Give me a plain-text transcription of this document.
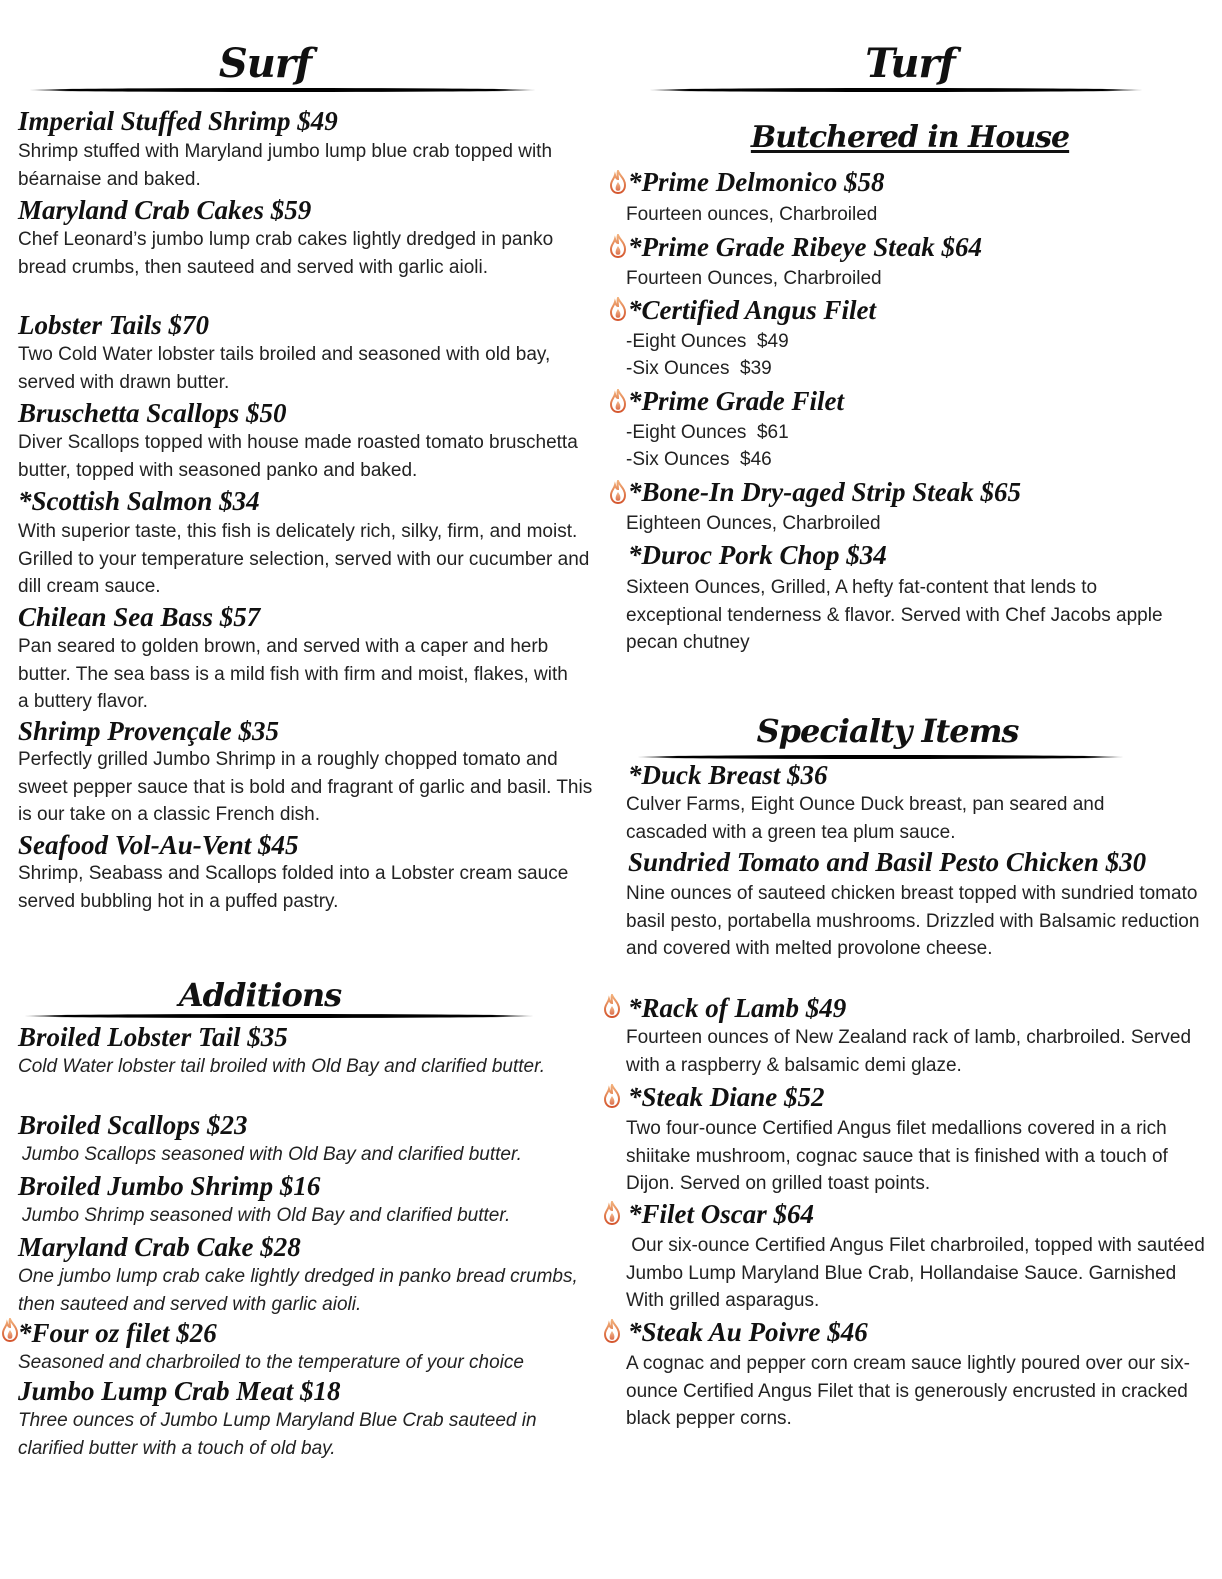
Surf
Imperial Stuffed Shrimp $49
Shrimp stuffed with Maryland jumbo lump blue crab topped with béarnaise and baked.
Maryland Crab Cakes $59
Chef Leonard’s jumbo lump crab cakes lightly dredged in panko bread crumbs, then sauteed and served with garlic aioli.
Lobster Tails $70
Two Cold Water lobster tails broiled and seasoned with old bay, served with drawn butter.
Bruschetta Scallops $50
Diver Scallops topped with house made roasted tomato bruschetta butter, topped with seasoned panko and baked.
*Scottish Salmon $34
With superior taste, this fish is delicately rich, silky, firm, and moist. Grilled to your temperature selection, served with our cucumber and dill cream sauce.
Chilean Sea Bass $57
Pan seared to golden brown, and served with a caper and herb butter. The sea bass is a mild fish with firm and moist, flakes, with a buttery flavor.
Shrimp Provençale $35
Perfectly grilled Jumbo Shrimp in a roughly chopped tomato and sweet pepper sauce that is bold and fragrant of garlic and basil. This is our take on a classic French dish.
Seafood Vol-Au-Vent $45
Shrimp, Seabass and Scallops folded into a Lobster cream sauce served bubbling hot in a puffed pastry.
Additions
Broiled Lobster Tail $35
Cold Water lobster tail broiled with Old Bay and clarified butter.
Broiled Scallops $23
Jumbo Scallops seasoned with Old Bay and clarified butter.
Broiled Jumbo Shrimp $16
Jumbo Shrimp seasoned with Old Bay and clarified butter.
Maryland Crab Cake $28
One jumbo lump crab cake lightly dredged in panko bread crumbs, then sauteed and served with garlic aioli.
*Four oz filet $26
Seasoned and charbroiled to the temperature of your choice
Jumbo Lump Crab Meat $18
Three ounces of Jumbo Lump Maryland Blue Crab sauteed in clarified butter with a touch of old bay.
Turf
Butchered in House
*Prime Delmonico $58
Fourteen ounces, Charbroiled
*Prime Grade Ribeye Steak $64
Fourteen Ounces, Charbroiled
*Certified Angus Filet
-Eight Ounces  $49
-Six Ounces  $39
*Prime Grade Filet
-Eight Ounces  $61
-Six Ounces  $46
*Bone-In Dry-aged Strip Steak $65
Eighteen Ounces, Charbroiled
*Duroc Pork Chop $34
Sixteen Ounces, Grilled, A hefty fat-content that lends to exceptional tenderness & flavor. Served with Chef Jacobs apple pecan chutney
Specialty Items
*Duck Breast $36
Culver Farms, Eight Ounce Duck breast, pan seared and cascaded with a green tea plum sauce.
Sundried Tomato and Basil Pesto Chicken $30
Nine ounces of sauteed chicken breast topped with sundried tomato basil pesto, portabella mushrooms. Drizzled with Balsamic reduction and covered with melted provolone cheese.
*Rack of Lamb $49
Fourteen ounces of New Zealand rack of lamb, charbroiled. Served with a raspberry & balsamic demi glaze.
*Steak Diane $52
Two four-ounce Certified Angus filet medallions covered in a rich shiitake mushroom, cognac sauce that is finished with a touch of Dijon. Served on grilled toast points.
*Filet Oscar $64
Our six-ounce Certified Angus Filet charbroiled, topped with sautéed Jumbo Lump Maryland Blue Crab, Hollandaise Sauce. Garnished With grilled asparagus.
*Steak Au Poivre $46
A cognac and pepper corn cream sauce lightly poured over our six-ounce Certified Angus Filet that is generously encrusted in cracked black pepper corns.
